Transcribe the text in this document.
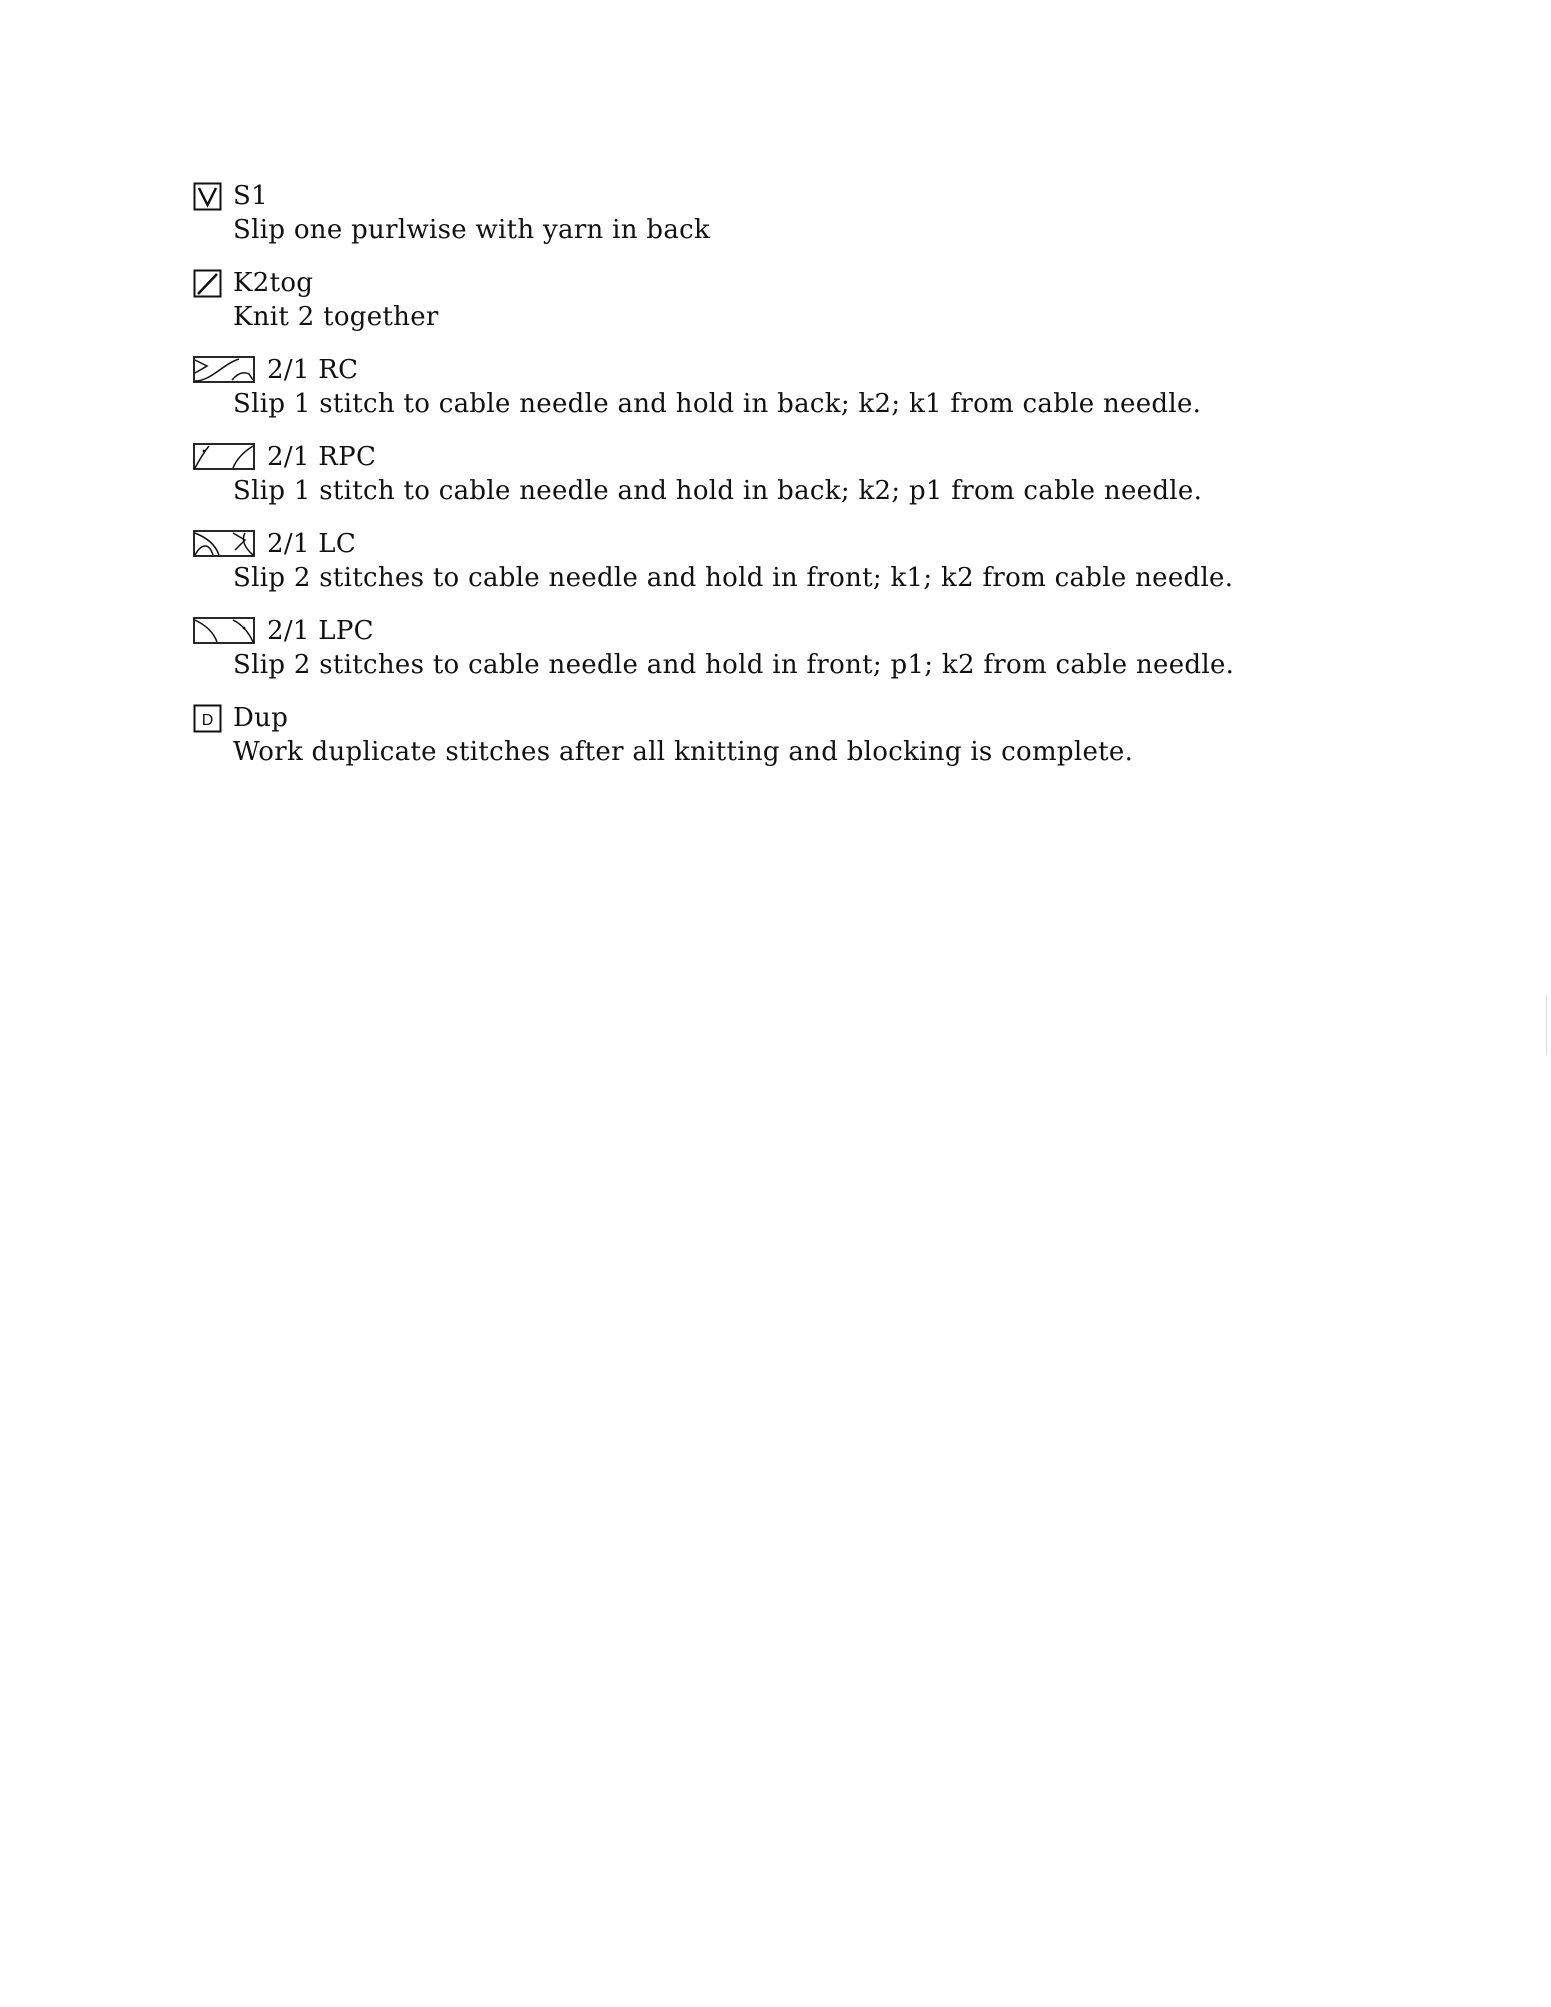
S1
Slip one purlwise with yarn in back
K2tog
Knit 2 together
2/1 RC
Slip 1 stitch to cable needle and hold in back; k2; k1 from cable needle.
2/1 RPC
Slip 1 stitch to cable needle and hold in back; k2; p1 from cable needle.
2/1 LC
Slip 2 stitches to cable needle and hold in front; k1; k2 from cable needle.
2/1 LPC
Slip 2 stitches to cable needle and hold in front; p1; k2 from cable needle.
D Dup
Work duplicate stitches after all knitting and blocking is complete.
